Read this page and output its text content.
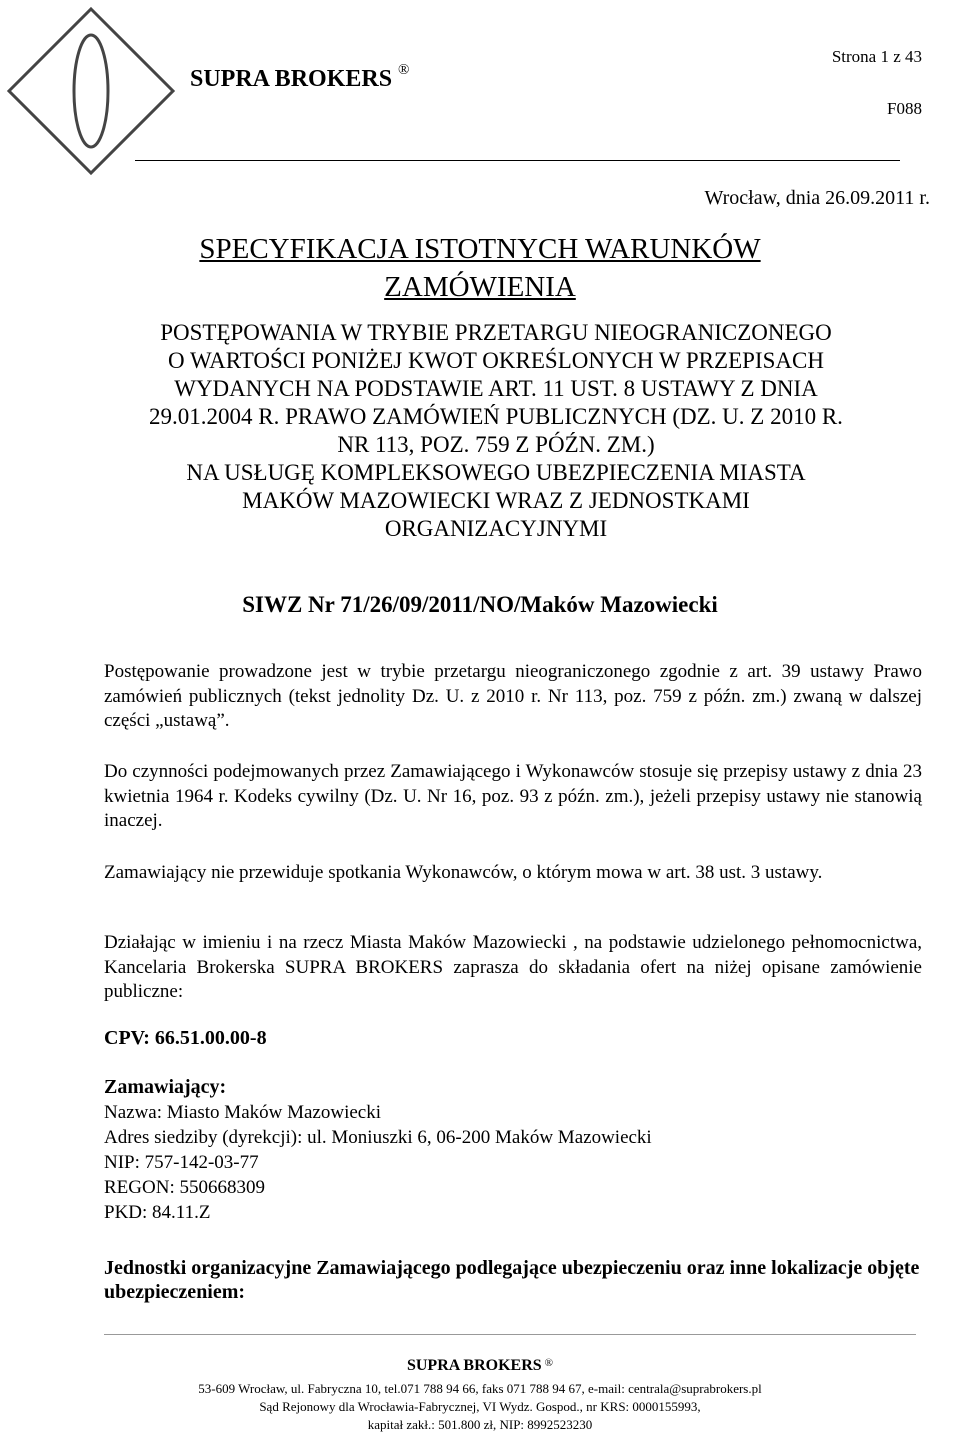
SUPRA BROKERS ®
Strona 1 z 43
F088
Wrocław, dnia 26.09.2011 r.
SPECYFIKACJA ISTOTNYCH WARUNKÓW
ZAMÓWIENIA
POSTĘPOWANIA W TRYBIE PRZETARGU NIEOGRANICZONEGO
O WARTOŚCI PONIŻEJ KWOT OKREŚLONYCH W PRZEPISACH
WYDANYCH NA PODSTAWIE ART. 11 UST. 8 USTAWY Z DNIA
29.01.2004 R. PRAWO ZAMÓWIEŃ PUBLICZNYCH (DZ. U. Z 2010 R.
NR 113, POZ. 759 Z PÓŹN. ZM.)
NA USŁUGĘ KOMPLEKSOWEGO UBEZPIECZENIA MIASTA
MAKÓW MAZOWIECKI WRAZ Z JEDNOSTKAMI
ORGANIZACYJNYMI
SIWZ Nr 71/26/09/2011/NO/Maków Mazowiecki
Postępowanie prowadzone jest w trybie przetargu nieograniczonego zgodnie z art. 39 ustawy Prawo zamówień publicznych (tekst jednolity Dz. U. z 2010 r. Nr 113, poz. 759 z późn. zm.) zwaną w dalszej części „ustawą”.
Do czynności podejmowanych przez Zamawiającego i Wykonawców stosuje się przepisy ustawy z dnia 23 kwietnia 1964 r. Kodeks cywilny (Dz. U. Nr 16, poz. 93 z późn. zm.), jeżeli przepisy ustawy nie stanowią inaczej.
Zamawiający nie przewiduje spotkania Wykonawców, o którym mowa w art. 38 ust. 3 ustawy.
Działając w imieniu i na rzecz Miasta Maków Mazowiecki , na podstawie udzielonego pełnomocnictwa, Kancelaria Brokerska SUPRA BROKERS zaprasza do składania ofert na niżej opisane zamówienie publiczne:
CPV: 66.51.00.00-8
Zamawiający:
Nazwa: Miasto Maków Mazowiecki
Adres siedziby (dyrekcji): ul. Moniuszki 6, 06-200 Maków Mazowiecki
NIP: 757-142-03-77
REGON: 550668309
PKD: 84.11.Z
Jednostki organizacyjne Zamawiającego podlegające ubezpieczeniu oraz inne lokalizacje objęte ubezpieczeniem:
SUPRA BROKERS ®
53-609 Wrocław, ul. Fabryczna 10, tel.071 788 94 66, faks 071 788 94 67, e-mail: centrala@suprabrokers.pl
Sąd Rejonowy dla Wrocławia-Fabrycznej, VI Wydz. Gospod., nr KRS: 0000155993,
kapitał zakł.: 501.800 zł, NIP: 8992523230
